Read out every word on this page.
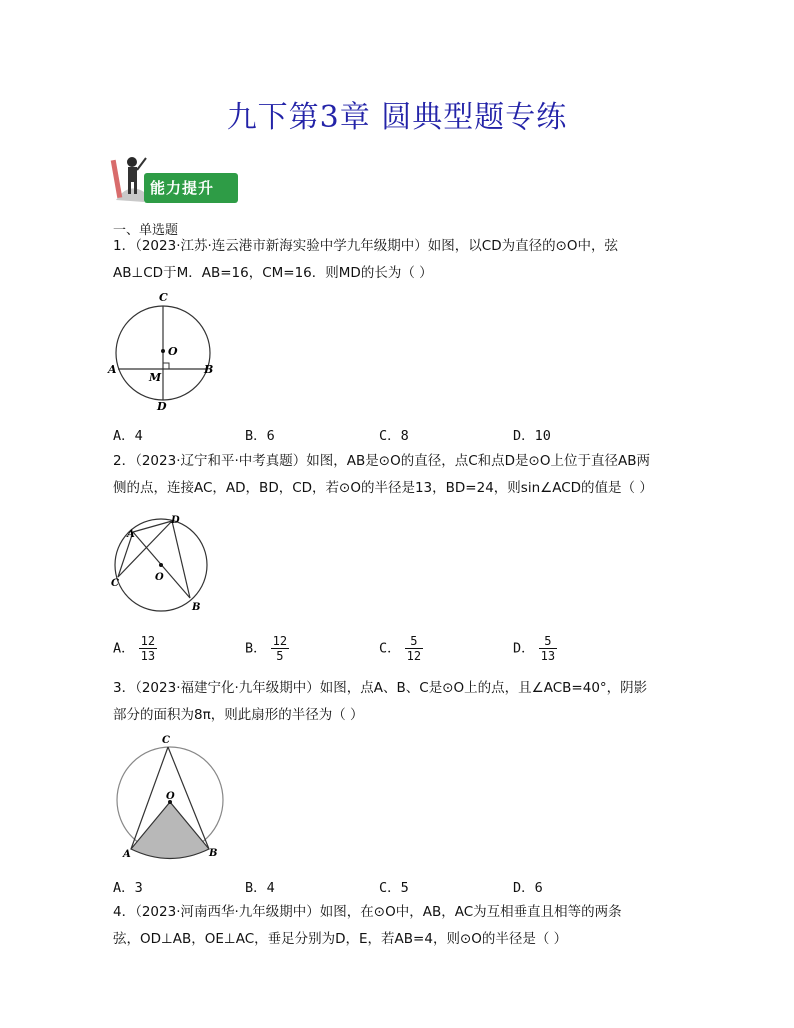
九下第3章 圆典型题专练
能力提升
一、单选题
1．（2023·江苏·连云港市新海实验中学九年级期中）如图，以CD为直径的⊙O中，弦
AB⊥CD于M．AB=16，CM=16．则MD的长为（ ）
C
O
A
M
B
D
A．4	B．6	C．8	D．10
2．（2023·辽宁和平·中考真题）如图，AB是⊙O的直径，点C和点D是⊙O上位于直径AB两
侧的点，连接AC，AD，BD，CD，若⊙O的半径是13，BD=24，则sin∠ACD的值是（ ）
A
D
C
O
B
A． $\frac{12}{13}$	B． $\frac{12}{5}$	C． $\frac{5}{12}$	D． $\frac{5}{13}$
3．（2023·福建宁化·九年级期中）如图，点A、B、C是⊙O上的点，且∠ACB=40°，阴影
部分的面积为8π，则此扇形的半径为（ ）
C
O
A	B
A．3	B．4	C．5	D．6
4．（2023·河南西华·九年级期中）如图，在⊙O中，AB，AC为互相垂直且相等的两条
弦，OD⊥AB，OE⊥AC，垂足分别为D，E，若AB=4，则⊙O的半径是（ ）
